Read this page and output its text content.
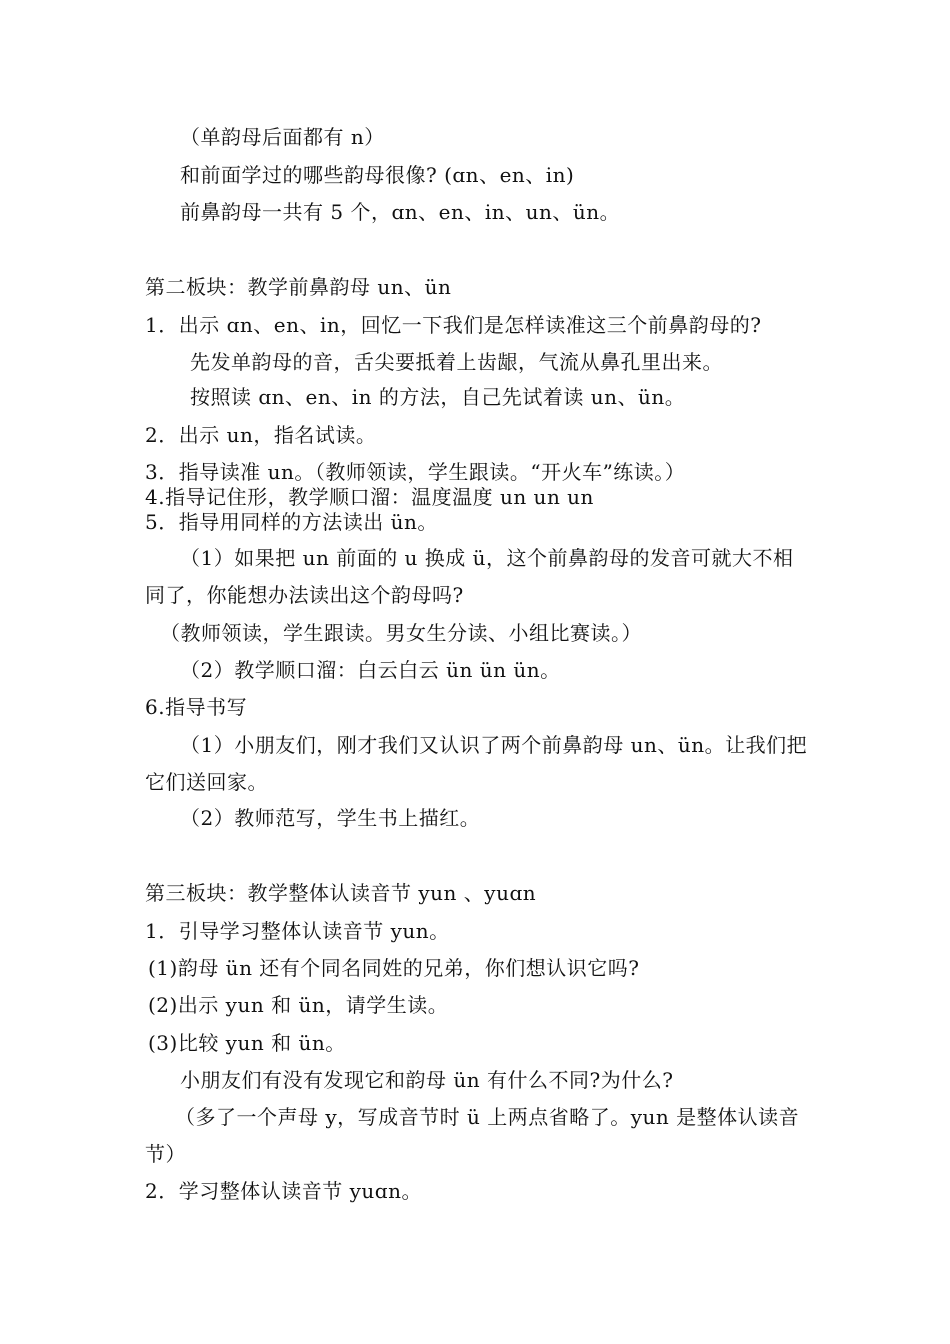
（单韵母后面都有 n）
和前面学过的哪些韵母很像? (ɑn、en、in)
前鼻韵母一共有 5 个，ɑn、en、in、un、ün。
第二板块：教学前鼻韵母 un、ün
1．出示 ɑn、en、in，回忆一下我们是怎样读准这三个前鼻韵母的?
先发单韵母的音，舌尖要抵着上齿龈，气流从鼻孔里出来。
按照读 ɑn、en、in 的方法，自己先试着读 un、ün。
2．出示 un，指名试读。
3．指导读准 un。（教师领读，学生跟读。“开火车”练读。）
4.指导记住形，教学顺口溜：温度温度 un un un
5．指导用同样的方法读出 ün。
（1）如果把 un 前面的 u 换成 ü，这个前鼻韵母的发音可就大不相
同了，你能想办法读出这个韵母吗?
（教师领读，学生跟读。男女生分读、小组比赛读。）
（2）教学顺口溜：白云白云 ün ün ün。
6.指导书写
（1）小朋友们，刚才我们又认识了两个前鼻韵母 un、ün。让我们把
它们送回家。
（2）教师范写，学生书上描红。
第三板块：教学整体认读音节 yun 、yuɑn
1．引导学习整体认读音节 yun。
(1)韵母 ün 还有个同名同姓的兄弟，你们想认识它吗?
(2)出示 yun 和 ün，请学生读。
(3)比较 yun 和 ün。
小朋友们有没有发现它和韵母 ün 有什么不同?为什么?
（多了一个声母 y，写成音节时 ü 上两点省略了。yun 是整体认读音
节）
2．学习整体认读音节 yuɑn。
